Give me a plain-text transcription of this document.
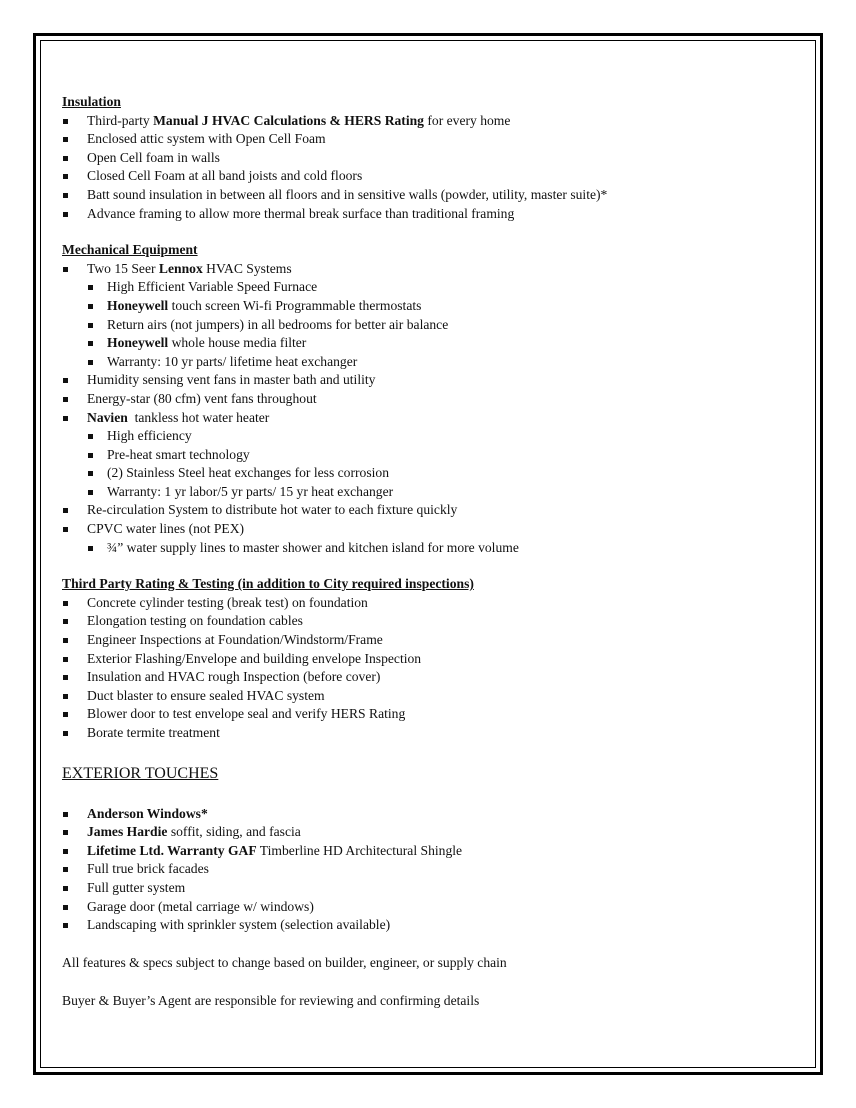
Insulation
Third-party Manual J HVAC Calculations & HERS Rating for every home
Enclosed attic system with Open Cell Foam
Open Cell foam in walls
Closed Cell Foam at all band joists and cold floors
Batt sound insulation in between all floors and in sensitive walls (powder, utility, master suite)*
Advance framing to allow more thermal break surface than traditional framing
Mechanical Equipment
Two 15 Seer Lennox HVAC Systems
High Efficient Variable Speed Furnace
Honeywell touch screen Wi-fi Programmable thermostats
Return airs (not jumpers) in all bedrooms for better air balance
Honeywell whole house media filter
Warranty: 10 yr parts/ lifetime heat exchanger
Humidity sensing vent fans in master bath and utility
Energy-star (80 cfm) vent fans throughout
Navien  tankless hot water heater
High efficiency
Pre-heat smart technology
(2) Stainless Steel heat exchanges for less corrosion
Warranty: 1 yr labor/5 yr parts/ 15 yr heat exchanger
Re-circulation System to distribute hot water to each fixture quickly
CPVC water lines (not PEX)
¾” water supply lines to master shower and kitchen island for more volume
Third Party Rating & Testing (in addition to City required inspections)
Concrete cylinder testing (break test) on foundation
Elongation testing on foundation cables
Engineer Inspections at Foundation/Windstorm/Frame
Exterior Flashing/Envelope and building envelope Inspection
Insulation and HVAC rough Inspection (before cover)
Duct blaster to ensure sealed HVAC system
Blower door to test envelope seal and verify HERS Rating
Borate termite treatment
EXTERIOR TOUCHES
Anderson Windows*
James Hardie soffit, siding, and fascia
Lifetime Ltd. Warranty GAF Timberline HD Architectural Shingle
Full true brick facades
Full gutter system
Garage door (metal carriage w/ windows)
Landscaping with sprinkler system (selection available)
All features & specs subject to change based on builder, engineer, or supply chain
Buyer & Buyer’s Agent are responsible for reviewing and confirming details
